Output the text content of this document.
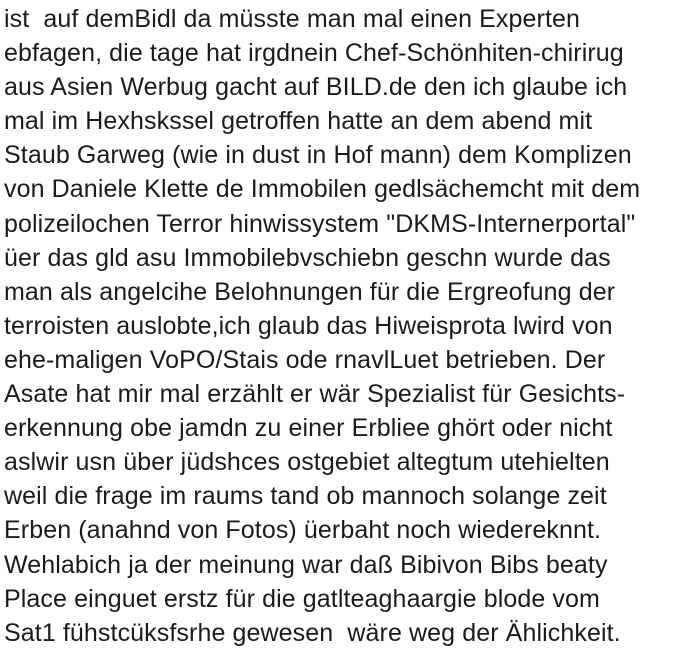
ist  auf demBidl da müsste man mal einen Experten
ebfagen, die tage hat irgdnein Chef-Schönhiten-chirirug
aus Asien Werbug gacht auf BILD.de den ich glaube ich
mal im Hexhskssel getroffen hatte an dem abend mit
Staub Garweg (wie in dust in Hof mann) dem Komplizen
von Daniele Klette de Immobilen gedlsächemcht mit dem
polizeilochen Terror hinwissystem "DKMS-Internerportal"
üer das gld asu Immobilebvschiebn geschn wurde das
man als angelcihe Belohnungen für die Ergreofung der
terroisten auslobte,ich glaub das Hiweisprota lwird von
ehe-maligen VoPO/Stais ode rnavlLuet betrieben. Der
Asate hat mir mal erzählt er wär Spezialist für Gesichts-
erkennung obe jamdn zu einer Erbliee ghört oder nicht
aslwir usn über jüdshces ostgebiet altegtum utehielten
weil die frage im raums tand ob mannoch solange zeit
Erben (anahnd von Fotos) üerbaht noch wiedereknnt.
Wehlabich ja der meinung war daß Bibivon Bibs beaty
Place einguet erstz für die gatlteaghaargie blode vom
Sat1 fühstcüksfsrhe gewesen  wäre weg der Ählichkeit.
